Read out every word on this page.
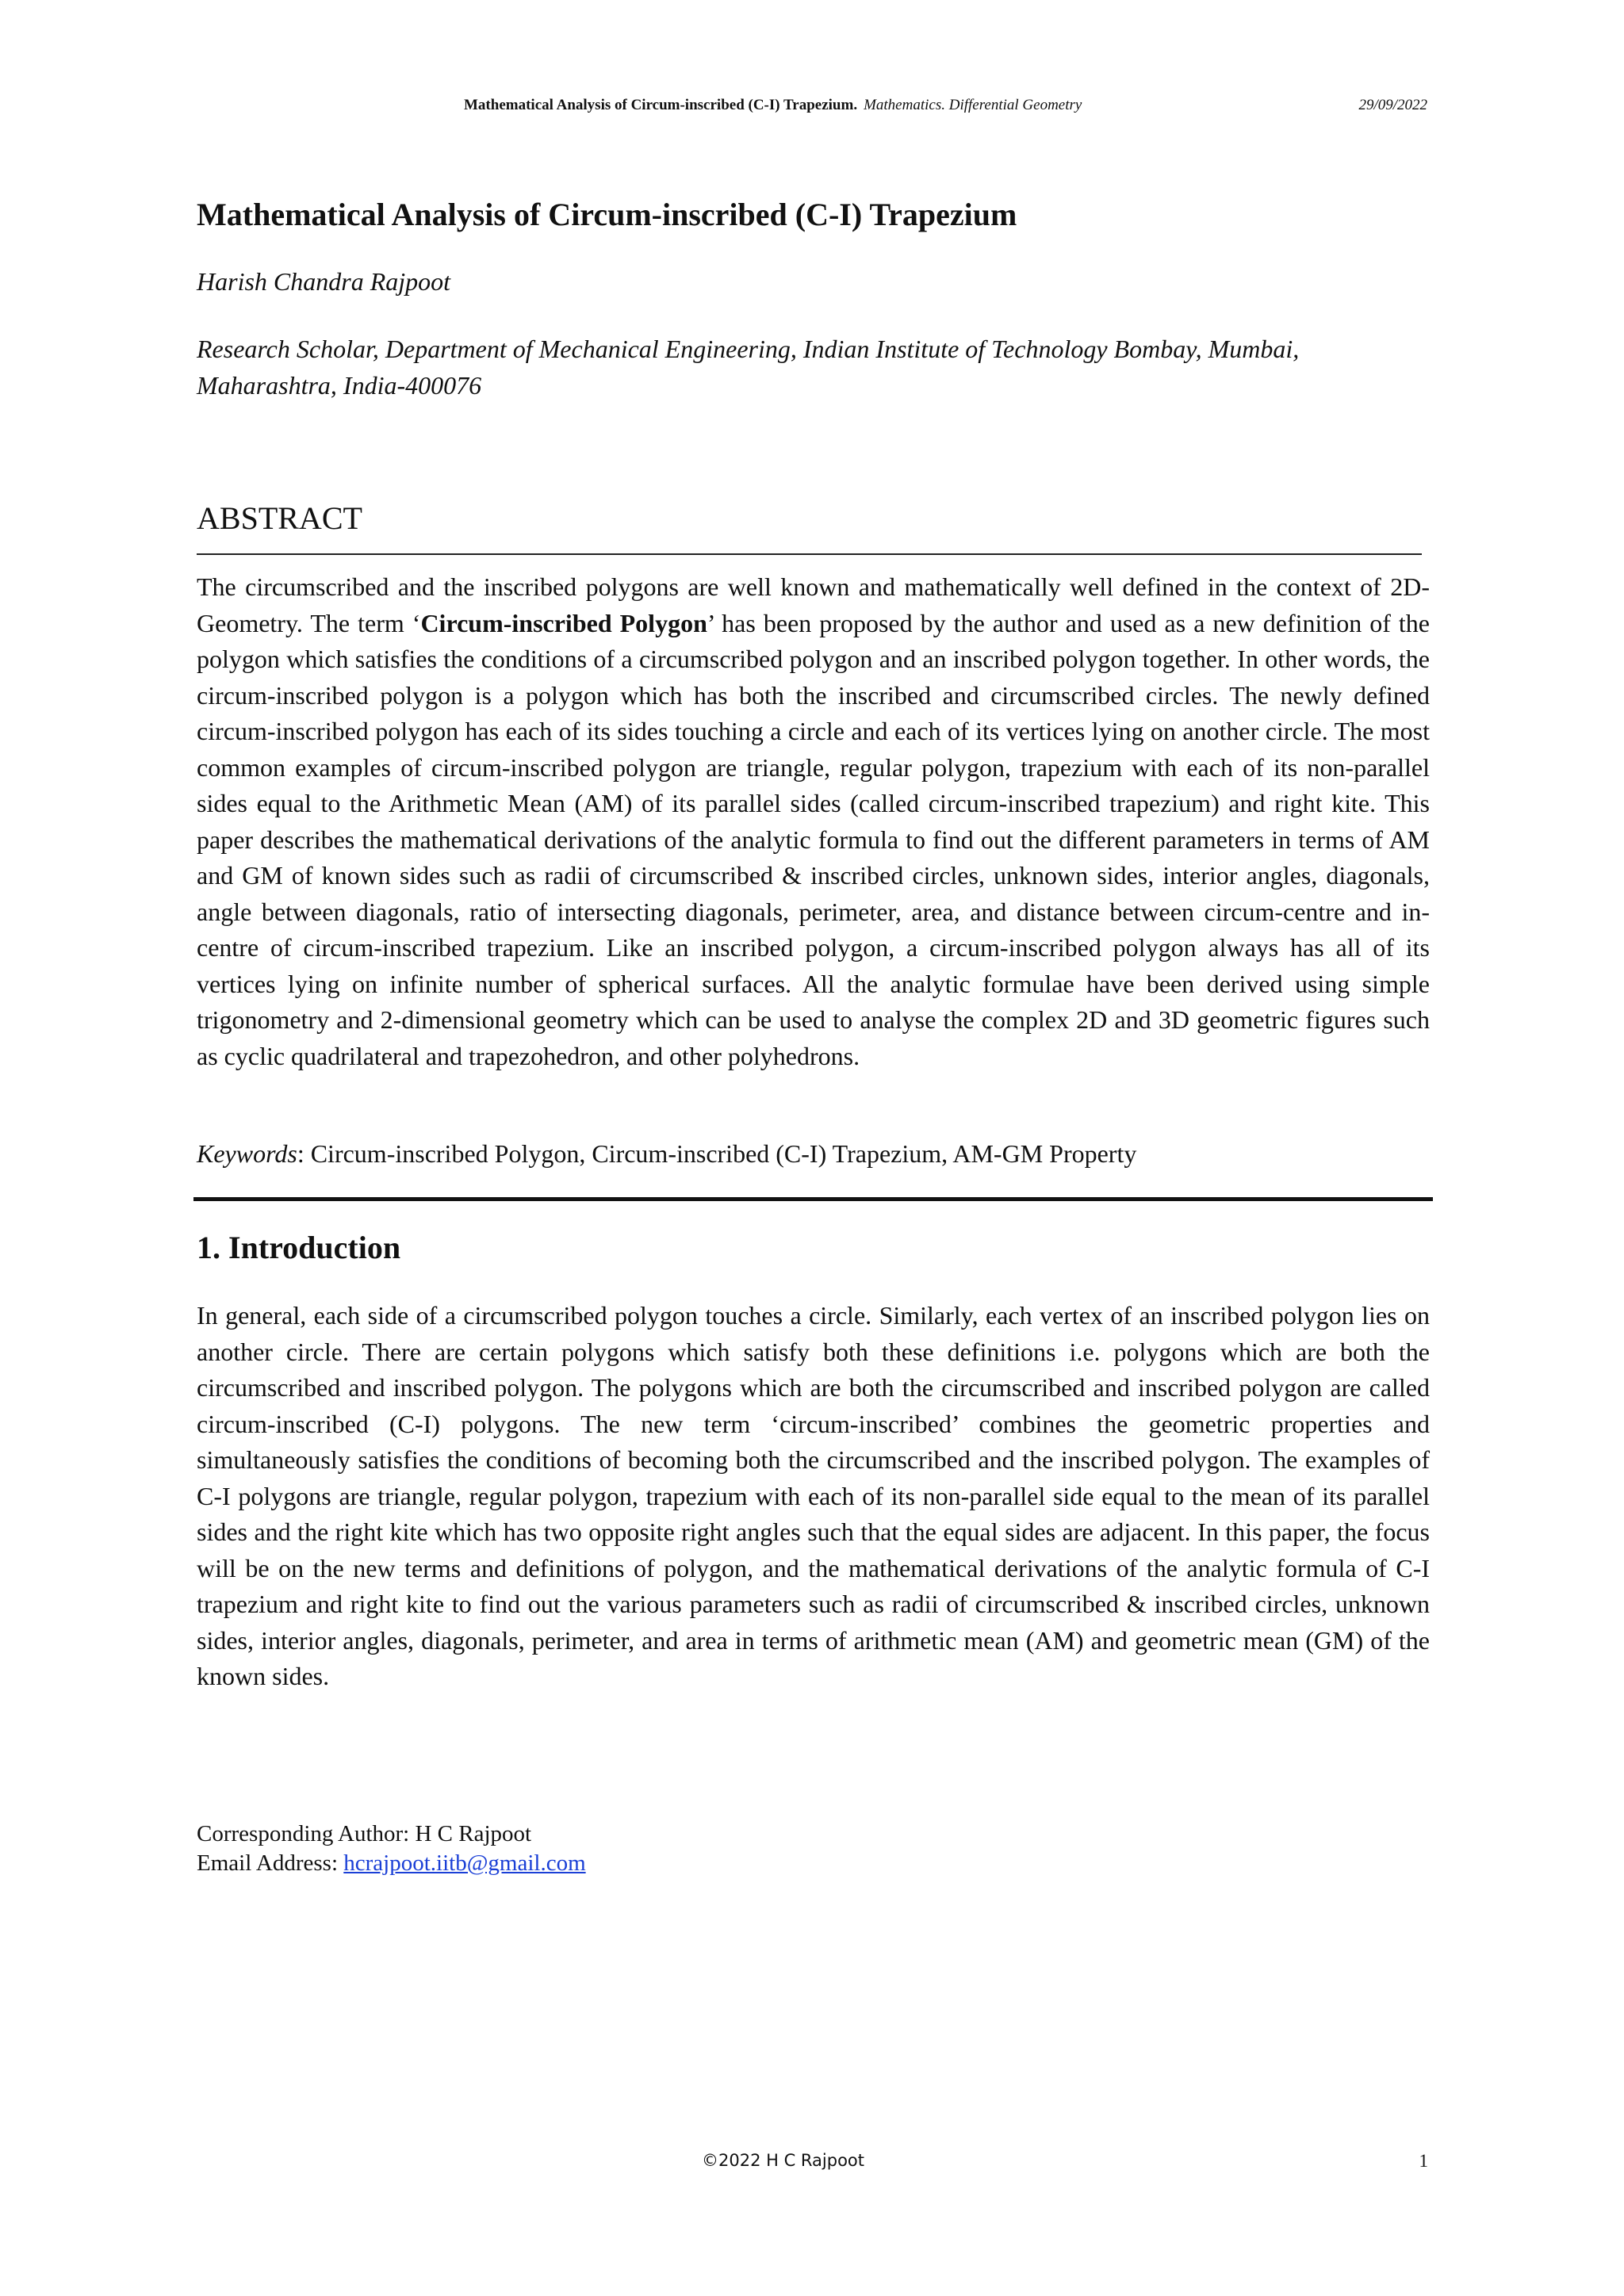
Mathematical Analysis of Circum-inscribed (C-I) Trapezium. Mathematics. Differential Geometry	29/09/2022
Mathematical Analysis of Circum-inscribed (C-I) Trapezium
Harish Chandra Rajpoot
Research Scholar, Department of Mechanical Engineering, Indian Institute of Technology Bombay, Mumbai, Maharashtra, India-400076
ABSTRACT

The circumscribed and the inscribed polygons are well known and mathematically well defined in the context of 2D-Geometry. The term ‘Circum-inscribed Polygon’ has been proposed by the author and used as a new definition of the polygon which satisfies the conditions of a circumscribed polygon and an inscribed polygon together. In other words, the circum-inscribed polygon is a polygon which has both the inscribed and circumscribed circles. The newly defined circum-inscribed polygon has each of its sides touching a circle and each of its vertices lying on another circle. The most common examples of circum-inscribed polygon are triangle, regular polygon, trapezium with each of its non-parallel sides equal to the Arithmetic Mean (AM) of its parallel sides (called circum-inscribed trapezium) and right kite. This paper describes the mathematical derivations of the analytic formula to find out the different parameters in terms of AM and GM of known sides such as radii of circumscribed & inscribed circles, unknown sides, interior angles, diagonals, angle between diagonals, ratio of intersecting diagonals, perimeter, area, and distance between circum-centre and in-centre of circum-inscribed trapezium. Like an inscribed polygon, a circum-inscribed polygon always has all of its vertices lying on infinite number of spherical surfaces. All the analytic formulae have been derived using simple trigonometry and 2-dimensional geometry which can be used to analyse the complex 2D and 3D geometric figures such as cyclic quadrilateral and trapezohedron, and other polyhedrons.

Keywords: Circum-inscribed Polygon, Circum-inscribed (C-I) Trapezium, AM-GM Property
1. Introduction

In general, each side of a circumscribed polygon touches a circle. Similarly, each vertex of an inscribed polygon lies on another circle. There are certain polygons which satisfy both these definitions i.e. polygons which are both the circumscribed and inscribed polygon. The polygons which are both the circumscribed and inscribed polygon are called circum-inscribed (C-I) polygons. The new term ‘circum-inscribed’ combines the geometric properties and simultaneously satisfies the conditions of becoming both the circumscribed and the inscribed polygon. The examples of C-I polygons are triangle, regular polygon, trapezium with each of its non-parallel side equal to the mean of its parallel sides and the right kite which has two opposite right angles such that the equal sides are adjacent. In this paper, the focus will be on the new terms and definitions of polygon, and the mathematical derivations of the analytic formula of C-I trapezium and right kite to find out the various parameters such as radii of circumscribed & inscribed circles, unknown sides, interior angles, diagonals, perimeter, and area in terms of arithmetic mean (AM) and geometric mean (GM) of the known sides.

Corresponding Author: H C Rajpoot
Email Address: hcrajpoot.iitb@gmail.com
©2022 H C Rajpoot	1
